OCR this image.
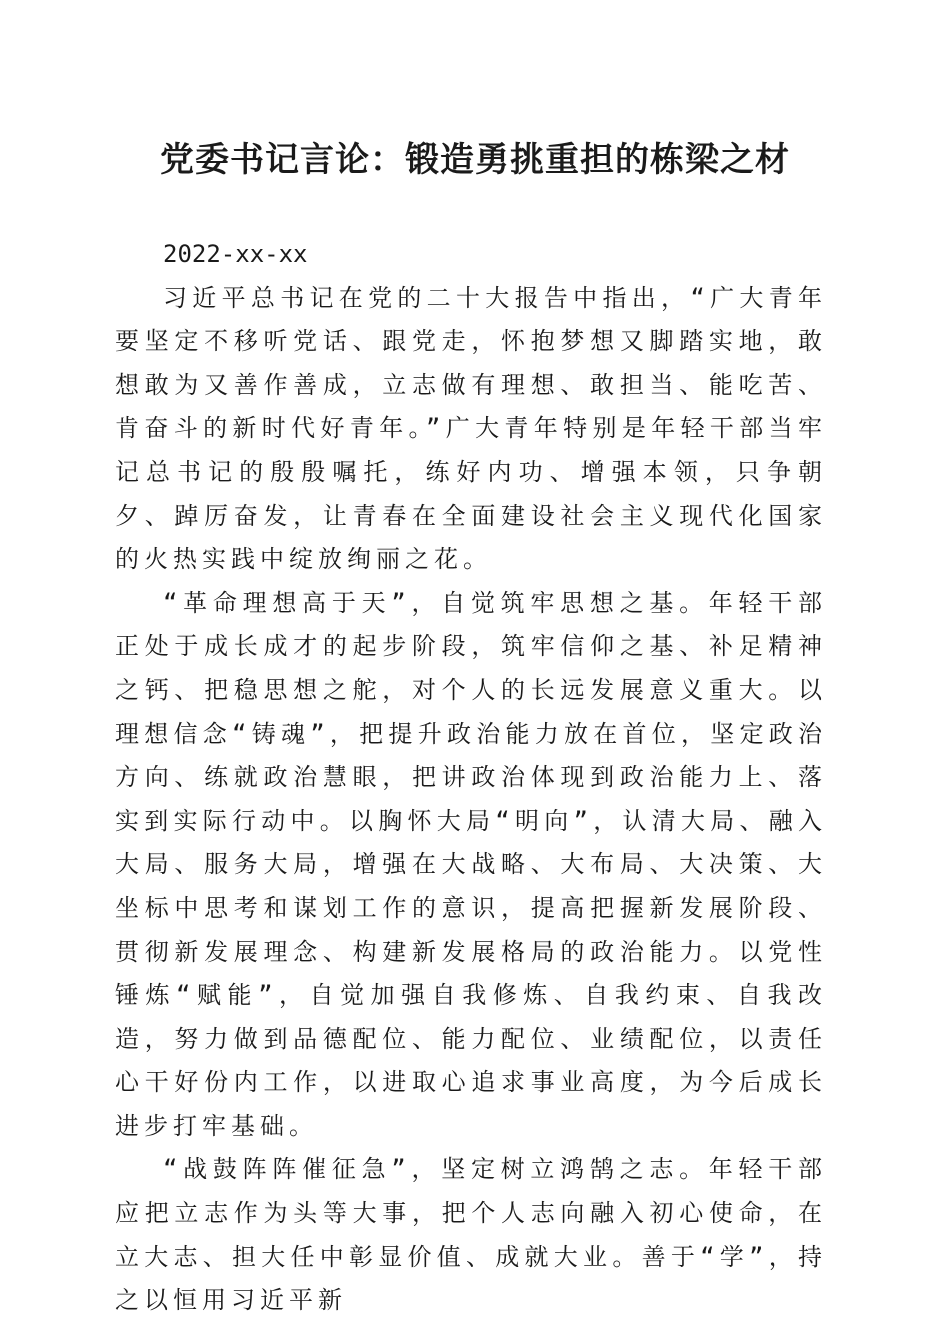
党委书记言论：锻造勇挑重担的栋梁之材

2022-xx-xx

习近平总书记在党的二十大报告中指出，“广大青年要坚定不移听党话、跟党走，怀抱梦想又脚踏实地，敢想敢为又善作善成，立志做有理想、敢担当、能吃苦、肯奋斗的新时代好青年。”广大青年特别是年轻干部当牢记总书记的殷殷嘱托，练好内功、增强本领，只争朝夕、踔厉奋发，让青春在全面建设社会主义现代化国家的火热实践中绽放绚丽之花。

“革命理想高于天”，自觉筑牢思想之基。年轻干部正处于成长成才的起步阶段，筑牢信仰之基、补足精神之钙、把稳思想之舵，对个人的长远发展意义重大。以理想信念“铸魂”，把提升政治能力放在首位，坚定政治方向、练就政治慧眼，把讲政治体现到政治能力上、落实到实际行动中。以胸怀大局“明向”，认清大局、融入大局、服务大局，增强在大战略、大布局、大决策、大坐标中思考和谋划工作的意识，提高把握新发展阶段、贯彻新发展理念、构建新发展格局的政治能力。以党性锤炼“赋能”，自觉加强自我修炼、自我约束、自我改造，努力做到品德配位、能力配位、业绩配位，以责任心干好份内工作，以进取心追求事业高度，为今后成长进步打牢基础。

“战鼓阵阵催征急”，坚定树立鸿鹄之志。年轻干部应把立志作为头等大事，把个人志向融入初心使命，在立大志、担大任中彰显价值、成就大业。善于“学”，持之以恒用习近平新
